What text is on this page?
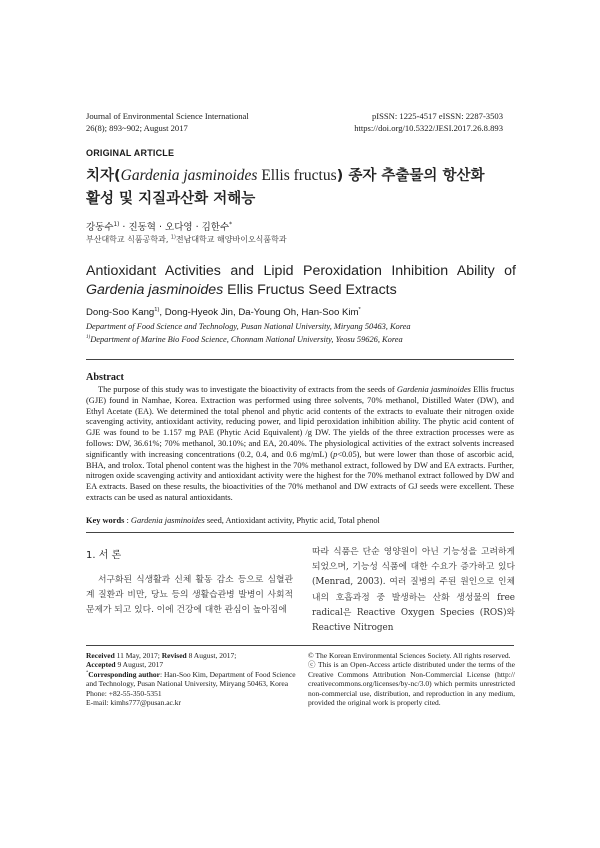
Journal of Environmental Science International
26(8); 893~902; August 2017
pISSN: 1225-4517 eISSN: 2287-3503
https://doi.org/10.5322/JESI.2017.26.8.893
ORIGINAL ARTICLE
치자(Gardenia jasminoides Ellis fructus) 종자 추출물의 항산화
활성 및 지질과산화 저해능
강동수$^{1)}$ · 진동혁 · 오다영 · 김한수*
부산대학교 식품공학과, $^{1)}$전남대학교 해양바이오식품학과
Antioxidant Activities and Lipid Peroxidation Inhibition Ability of
Gardenia jasminoides Ellis Fructus Seed Extracts
Dong-Soo Kang$^{1)}$, Dong-Hyeok Jin, Da-Young Oh, Han-Soo Kim*
Department of Food Science and Technology, Pusan National University, Miryang 50463, Korea
$^{1)}$Department of Marine Bio Food Science, Chonnam National University, Yeosu 59626, Korea
Abstract
The purpose of this study was to investigate the bioactivity of extracts from the seeds of Gardenia jasminoides Ellis fructus (GJE) found in Namhae, Korea. Extraction was performed using three solvents, 70% methanol, Distilled Water (DW), and Ethyl Acetate (EA). We determined the total phenol and phytic acid contents of the extracts to evaluate their nitrogen oxide scavenging activity, antioxidant activity, reducing power, and lipid peroxidation inhibition ability. The phytic acid content of GJE was found to be 1.157 mg PAE (Phytic Acid Equivalent) /g DW. The yields of the three extraction processes were as follows: DW, 36.61%; 70% methanol, 30.10%; and EA, 20.40%. The physiological activities of the extract solvents increased significantly with increasing concentrations (0.2, 0.4, and 0.6 mg/mL) (p<0.05), but were lower than those of ascorbic acid, BHA, and trolox. Total phenol content was the highest in the 70% methanol extract, followed by DW and EA extracts. Further, nitrogen oxide scavenging activity and antioxidant activity were the highest for the 70% methanol extract followed by DW and EA extracts. Based on these results, the bioactivities of the 70% methanol and DW extracts of GJ seeds were excellent. These extracts can be used as natural antioxidants.
Key words : Gardenia jasminoides seed, Antioxidant activity, Phytic acid, Total phenol
1. 서 론
서구화된 식생활과 신체 활동 감소 등으로 심혈관계 질환과 비만, 당뇨 등의 생활습관병 발병이 사회적 문제가 되고 있다. 이에 건강에 대한 관심이 높아짐에
따라 식품은 단순 영양원이 아닌 기능성을 고려하게 되었으며, 기능성 식품에 대한 수요가 증가하고 있다 (Menrad, 2003). 여러 질병의 주된 원인으로 인체 내의 호흡과정 중 발생하는 산화 생성물의 free radical은 Reactive Oxygen Species (ROS)와 Reactive Nitrogen
Received 11 May, 2017; Revised 8 August, 2017;
Accepted 9 August, 2017
*Corresponding author: Han-Soo Kim, Department of Food Science and Technology, Pusan National University, Miryang 50463, Korea
Phone: +82-55-350-5351
E-mail: kimhs777@pusan.ac.kr
© The Korean Environmental Sciences Society. All rights reserved.
ⓒ This is an Open-Access article distributed under the terms of the Creative Commons Attribution Non-Commercial License (http:// creativecommons.org/licenses/by-nc/3.0) which permits unrestricted non-commercial use, distribution, and reproduction in any medium, provided the original work is properly cited.
